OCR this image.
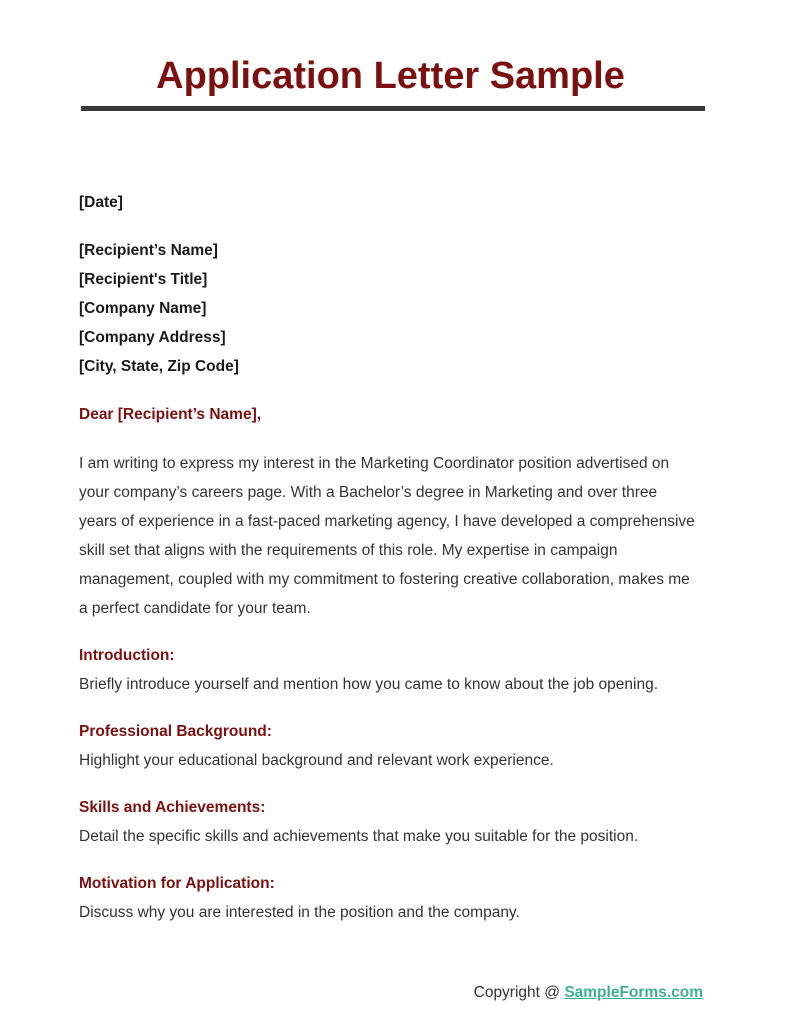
Application Letter Sample
[Date]
[Recipient’s Name]
[Recipient's Title]
[Company Name]
[Company Address]
[City, State, Zip Code]
Dear [Recipient’s Name],
I am writing to express my interest in the Marketing Coordinator position advertised on your company’s careers page. With a Bachelor’s degree in Marketing and over three years of experience in a fast-paced marketing agency, I have developed a comprehensive skill set that aligns with the requirements of this role. My expertise in campaign management, coupled with my commitment to fostering creative collaboration, makes me a perfect candidate for your team.
Introduction:
Briefly introduce yourself and mention how you came to know about the job opening.
Professional Background:
Highlight your educational background and relevant work experience.
Skills and Achievements:
Detail the specific skills and achievements that make you suitable for the position.
Motivation for Application:
Discuss why you are interested in the position and the company.
Copyright @ SampleForms.com
